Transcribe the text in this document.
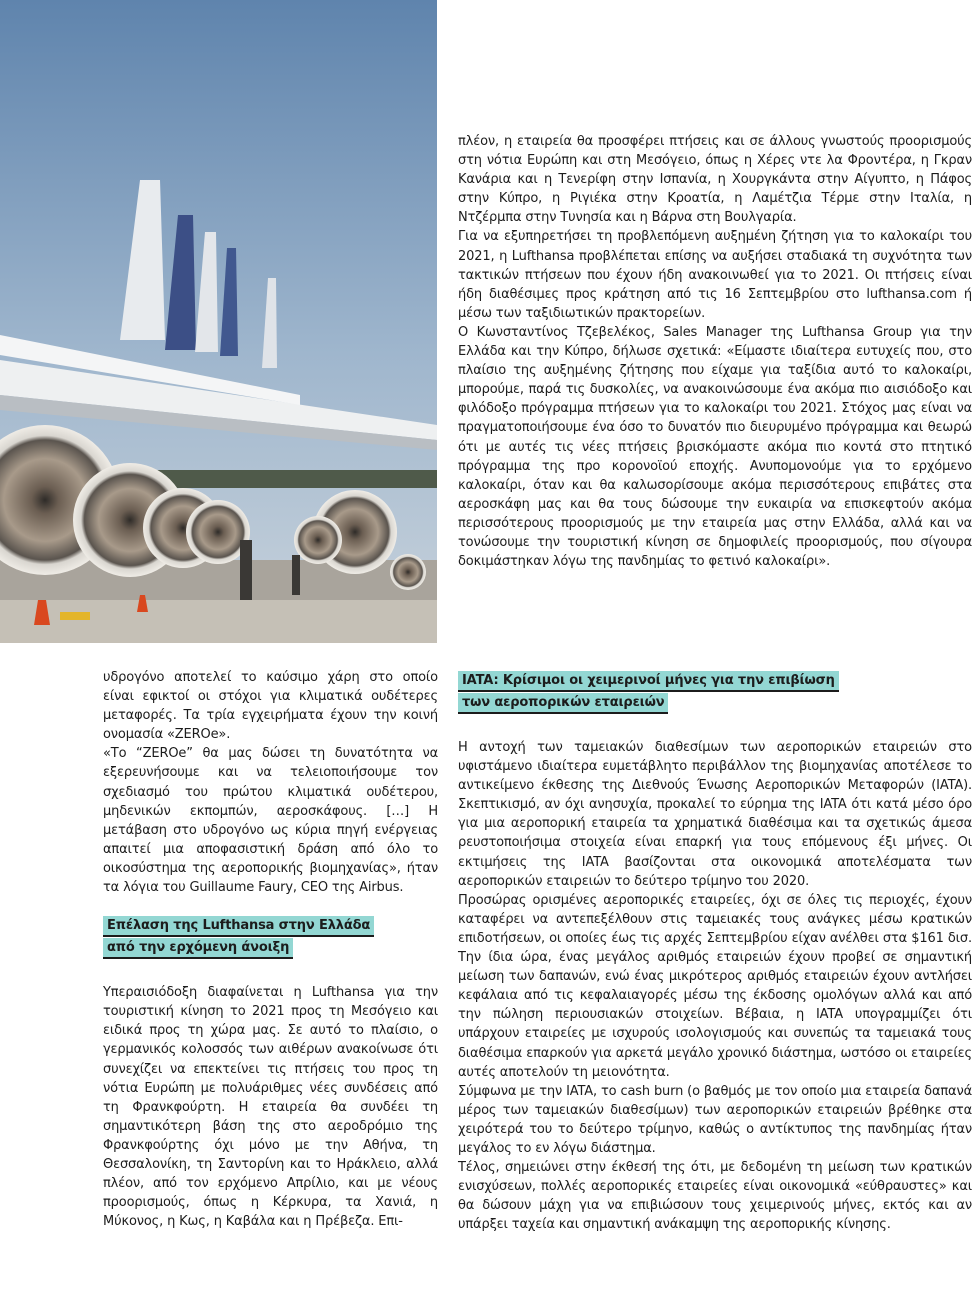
υδρογόνο αποτελεί το καύσιμο χάρη στο οποίο είναι εφικτοί οι στόχοι για κλιματικά ουδέτερες μεταφορές. Τα τρία εγχειρήματα έχουν την κοινή ονομασία «ZEROe».

«Το “ZEROe” θα μας δώσει τη δυνατότητα να εξερευνήσουμε και να τελειοποιήσουμε τον σχεδιασμό του πρώτου κλιματικά ουδέτερου, μηδενικών εκπομπών, αεροσκάφους. […] Η μετάβαση στο υδρογόνο ως κύρια πηγή ενέργειας απαιτεί μια αποφασιστική δράση από όλο το οικοσύστημα της αεροπορικής βιομηχανίας», ήταν τα λόγια του Guillaume Faury, CEO της Airbus.

Επέλαση της Lufthansa στην Ελλάδα
από την ερχόμενη άνοιξη

Υπεραισιόδοξη διαφαίνεται η Lufthansa για την τουριστική κίνηση το 2021 προς τη Μεσόγειο και ειδικά προς τη χώρα μας. Σε αυτό το πλαίσιο, ο γερμανικός κολοσσός των αιθέρων ανακοίνωσε ότι συνεχίζει να επεκτείνει τις πτήσεις του προς τη νότια Ευρώπη με πολυάριθμες νέες συνδέσεις από τη Φρανκφούρτη. Η εταιρεία θα συνδέει τη σημαντικότερη βάση της στο αεροδρόμιο της Φρανκφούρτης όχι μόνο με την Αθήνα, τη Θεσσαλονίκη, τη Σαντορίνη και το Ηράκλειο, αλλά πλέον, από τον ερχόμενο Απρίλιο, και με νέους προορισμούς, όπως η Κέρκυρα, τα Χανιά, η Μύκονος, η Κως, η Καβάλα και η Πρέβεζα. Επι-

πλέον, η εταιρεία θα προσφέρει πτήσεις και σε άλλους γνωστούς προορισμούς στη νότια Ευρώπη και στη Μεσόγειο, όπως η Χέρες ντε λα Φροντέρα, η Γκραν Κανάρια και η Τενερίφη στην Ισπανία, η Χουργκάντα στην Αίγυπτο, η Πάφος στην Κύπρο, η Ριγιέκα στην Κροατία, η Λαμέτζια Τέρμε στην Ιταλία, η Ντζέρμπα στην Τυνησία και η Βάρνα στη Βουλγαρία.

Για να εξυπηρετήσει τη προβλεπόμενη αυξημένη ζήτηση για το καλοκαίρι του 2021, η Lufthansa προβλέπεται επίσης να αυξήσει σταδιακά τη συχνότητα των τακτικών πτήσεων που έχουν ήδη ανακοινωθεί για το 2021. Οι πτήσεις είναι ήδη διαθέσιμες προς κράτηση από τις 16 Σεπτεμβρίου στο lufthansa.com ή μέσω των ταξιδιωτικών πρακτορείων.

Ο Κωνσταντίνος Τζεβελέκος, Sales Manager της Lufthansa Group για την Ελλάδα και την Κύπρο, δήλωσε σχετικά: «Είμαστε ιδιαίτερα ευτυχείς που, στο πλαίσιο της αυξημένης ζήτησης που είχαμε για ταξίδια αυτό το καλοκαίρι, μπορούμε, παρά τις δυσκολίες, να ανακοινώσουμε ένα ακόμα πιο αισιόδοξο και φιλόδοξο πρόγραμμα πτήσεων για το καλοκαίρι του 2021. Στόχος μας είναι να πραγματοποιήσουμε ένα όσο το δυνατόν πιο διευρυμένο πρόγραμμα και θεωρώ ότι με αυτές τις νέες πτήσεις βρισκόμαστε ακόμα πιο κοντά στο πτητικό πρόγραμμα της προ κορονοϊού εποχής. Ανυπομονούμε για το ερχόμενο καλοκαίρι, όταν και θα καλωσορίσουμε ακόμα περισσότερους επιβάτες στα αεροσκάφη μας και θα τους δώσουμε την ευκαιρία να επισκεφτούν ακόμα περισσότερους προορισμούς με την εταιρεία μας στην Ελλάδα, αλλά και να τονώσουμε την τουριστική κίνηση σε δημοφιλείς προορισμούς, που σίγουρα δοκιμάστηκαν λόγω της πανδημίας το φετινό καλοκαίρι».

IATA: Κρίσιμοι οι χειμερινοί μήνες για την επιβίωση
των αεροπορικών εταιρειών

Η αντοχή των ταμειακών διαθεσίμων των αεροπορικών εταιρειών στο υφιστάμενο ιδιαίτερα ευμετάβλητο περιβάλλον της βιομηχανίας αποτέλεσε το αντικείμενο έκθεσης της Διεθνούς Ένωσης Αεροπορικών Μεταφορών (IATA). Σκεπτικισμό, αν όχι ανησυχία, προκαλεί το εύρημα της IATA ότι κατά μέσο όρο για μια αεροπορική εταιρεία τα χρηματικά διαθέσιμα και τα σχετικώς άμεσα ρευστοποιήσιμα στοιχεία είναι επαρκή για τους επόμενους έξι μήνες. Οι εκτιμήσεις της IATA βασίζονται στα οικονομικά αποτελέσματα των αεροπορικών εταιρειών το δεύτερο τρίμηνο του 2020.

Προσώρας ορισμένες αεροπορικές εταιρείες, όχι σε όλες τις περιοχές, έχουν καταφέρει να αντεπεξέλθουν στις ταμειακές τους ανάγκες μέσω κρατικών επιδοτήσεων, οι οποίες έως τις αρχές Σεπτεμβρίου είχαν ανέλθει στα $161 δισ. Την ίδια ώρα, ένας μεγάλος αριθμός εταιρειών έχουν προβεί σε σημαντική μείωση των δαπανών, ενώ ένας μικρότερος αριθμός εταιρειών έχουν αντλήσει κεφάλαια από τις κεφαλαιαγορές μέσω της έκδοσης ομολόγων αλλά και από την πώληση περιουσιακών στοιχείων. Βέβαια, η IATA υπογραμμίζει ότι υπάρχουν εταιρείες με ισχυρούς ισολογισμούς και συνεπώς τα ταμειακά τους διαθέσιμα επαρκούν για αρκετά μεγάλο χρονικό διάστημα, ωστόσο οι εταιρείες αυτές αποτελούν τη μειονότητα.

Σύμφωνα με την IATA, το cash burn (ο βαθμός με τον οποίο μια εταιρεία δαπανά μέρος των ταμειακών διαθεσίμων) των αεροπορικών εταιρειών βρέθηκε στα χειρότερά του το δεύτερο τρίμηνο, καθώς ο αντίκτυπος της πανδημίας ήταν μεγάλος το εν λόγω διάστημα.

Τέλος, σημειώνει στην έκθεσή της ότι, με δεδομένη τη μείωση των κρατικών ενισχύσεων, πολλές αεροπορικές εταιρείες είναι οικονομικά «εύθραυστες» και θα δώσουν μάχη για να επιβιώσουν τους χειμερινούς μήνες, εκτός και αν υπάρξει ταχεία και σημαντική ανάκαμψη της αεροπορικής κίνησης.
